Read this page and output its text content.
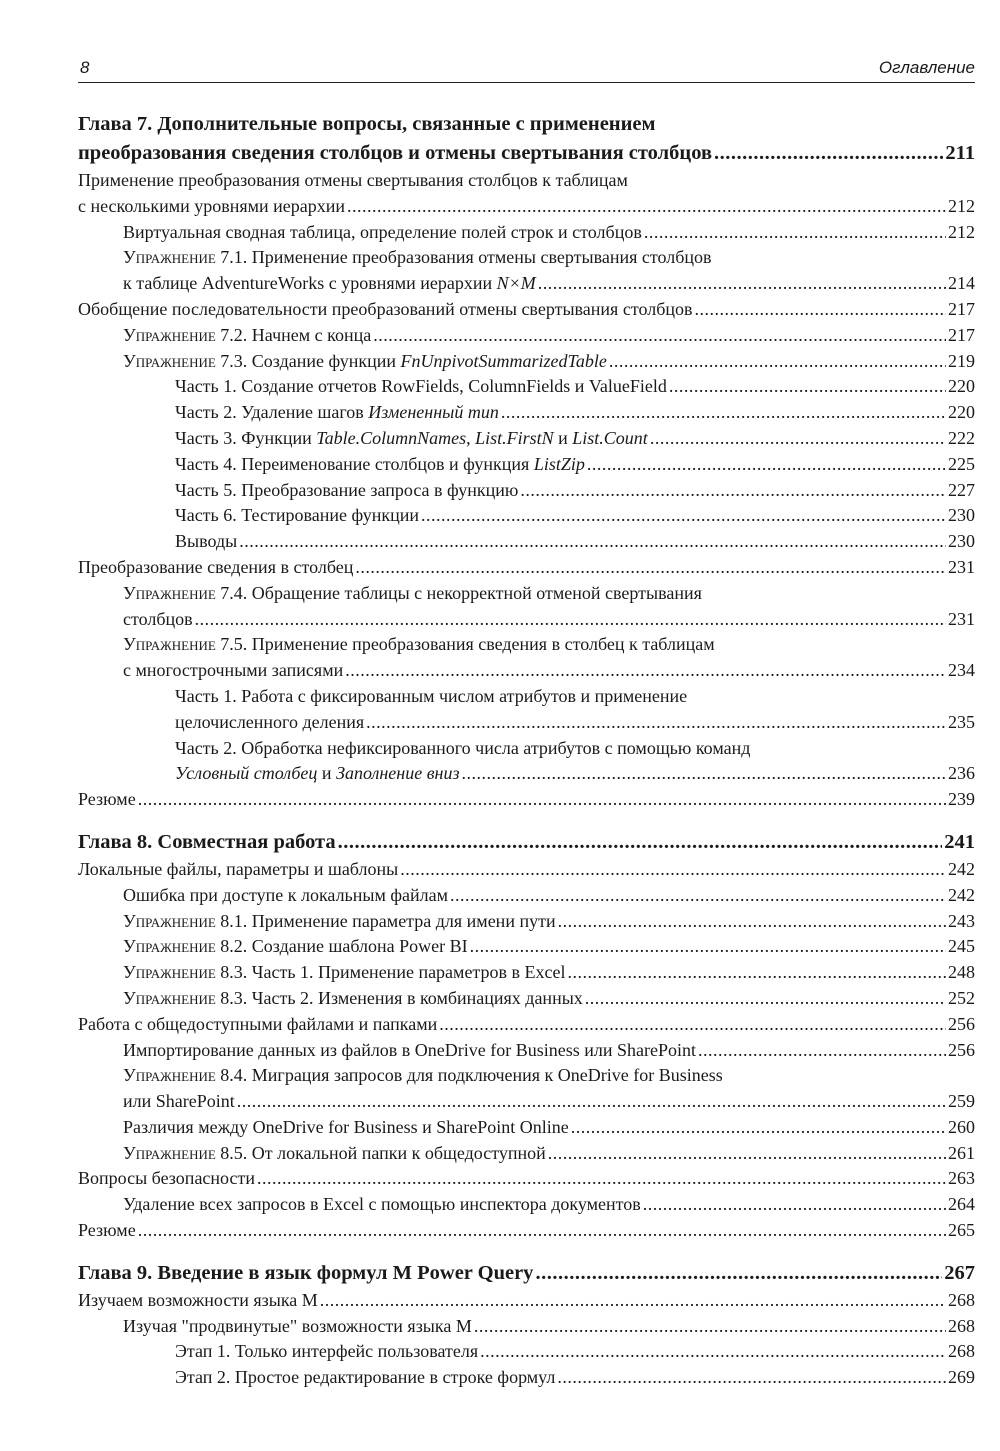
8	Оглавление
Глава 7. Дополнительные вопросы, связанные с применением
преобразования сведения столбцов и отмены свертывания столбцов .....	211
Применение преобразования отмены свертывания столбцов к таблицам
с несколькими уровнями иерархии .....	212
Виртуальная сводная таблица, определение полей строк и столбцов .....	212
Упражнение 7.1. Применение преобразования отмены свертывания столбцов
к таблице AdventureWorks с уровнями иерархии N×M .....	214
Обобщение последовательности преобразований отмены свертывания столбцов .....	217
Упражнение 7.2. Начнем с конца .....	217
Упражнение 7.3. Создание функции FnUnpivotSummarizedTable .....	219
Часть 1. Создание отчетов RowFields, ColumnFields и ValueField .....	220
Часть 2. Удаление шагов Измененный тип .....	220
Часть 3. Функции Table.ColumnNames, List.FirstN и List.Count .....	222
Часть 4. Переименование столбцов и функция ListZip .....	225
Часть 5. Преобразование запроса в функцию .....	227
Часть 6. Тестирование функции .....	230
Выводы .....	230
Преобразование сведения в столбец .....	231
Упражнение 7.4. Обращение таблицы с некорректной отменой свертывания
столбцов .....	231
Упражнение 7.5. Применение преобразования сведения в столбец к таблицам
с многострочными записями .....	234
Часть 1. Работа с фиксированным числом атрибутов и применение
целочисленного деления .....	235
Часть 2. Обработка нефиксированного числа атрибутов с помощью команд
Условный столбец и Заполнение вниз .....	236
Резюме .....	239
Глава 8. Совместная работа .....	241
Локальные файлы, параметры и шаблоны .....	242
Ошибка при доступе к локальным файлам .....	242
Упражнение 8.1. Применение параметра для имени пути .....	243
Упражнение 8.2. Создание шаблона Power BI .....	245
Упражнение 8.3. Часть 1. Применение параметров в Excel .....	248
Упражнение 8.3. Часть 2. Изменения в комбинациях данных .....	252
Работа с общедоступными файлами и папками .....	256
Импортирование данных из файлов в OneDrive for Business или SharePoint .....	256
Упражнение 8.4. Миграция запросов для подключения к OneDrive for Business
или SharePoint .....	259
Различия между OneDrive for Business и SharePoint Online .....	260
Упражнение 8.5. От локальной папки к общедоступной .....	261
Вопросы безопасности .....	263
Удаление всех запросов в Excel с помощью инспектора документов .....	264
Резюме .....	265
Глава 9. Введение в язык формул M Power Query .....	267
Изучаем возможности языка M .....	268
Изучая "продвинутые" возможности языка M .....	268
Этап 1. Только интерфейс пользователя .....	268
Этап 2. Простое редактирование в строке формул .....	269
